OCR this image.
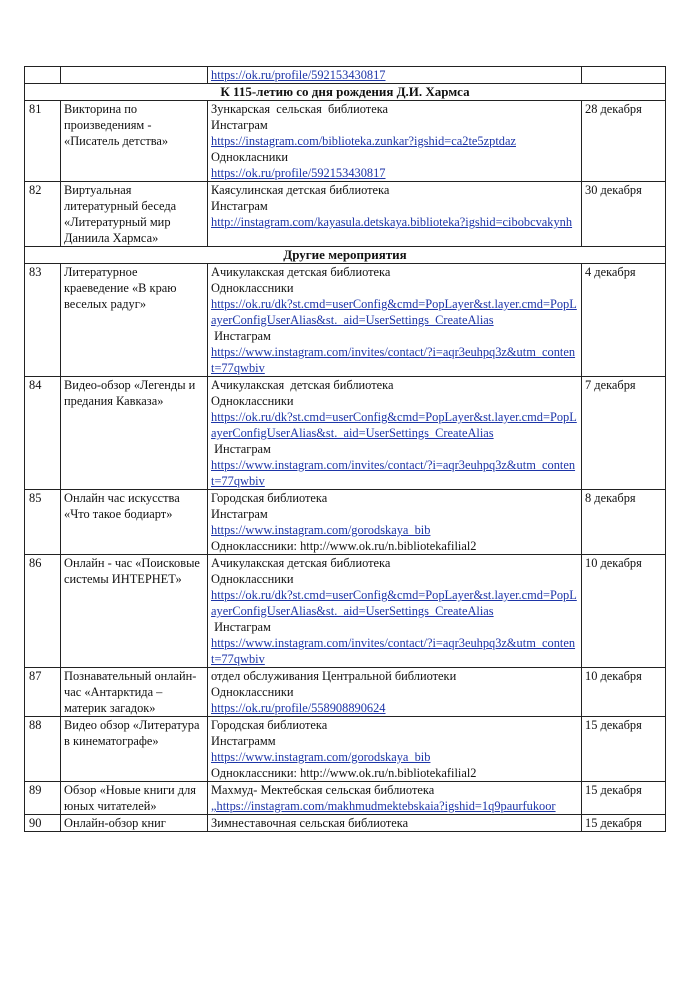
		https://ok.ru/profile/592153430817	

К 115-летию со дня рождения Д.И. Хармса			
81	Викторина по произведениям - «Писатель детства»	Зункарская  сельская  библиотека
Инстаграм
https://instagram.com/biblioteka.zunkar?igshid=ca2te5zptdaz
Однокласники
https://ok.ru/profile/592153430817	28 декабря
82	Виртуальная литературный беседа «Литературный мир Даниила Хармса»	Каясулинская детская библиотека
Инстаграм
http://instagram.com/kayasula.detskaya.biblioteka?igshid=cibobcvakynh	30 декабря
Другие мероприятия			
83	Литературное краеведение «В краю веселых радуг»	Ачикулакская детская библиотека
Одноклассники
https://ok.ru/dk?st.cmd=userConfig&cmd=PopLayer&st.layer.cmd=PopLayerConfigUserAlias&st._aid=UserSettings_CreateAlias
Инстаграм
https://www.instagram.com/invites/contact/?i=aqr3euhpq3z&utm_content=77qwbiv	4 декабря
84	Видео-обзор «Легенды и предания Кавказа»	Ачикулакская  детская библиотека
Одноклассники
https://ok.ru/dk?st.cmd=userConfig&cmd=PopLayer&st.layer.cmd=PopLayerConfigUserAlias&st._aid=UserSettings_CreateAlias
Инстаграм
https://www.instagram.com/invites/contact/?i=aqr3euhpq3z&utm_content=77qwbiv	7 декабря
85	Онлайн час искусства «Что такое бодиарт»	Городская библиотека
Инстаграм
https://www.instagram.com/gorodskaya_bib
Одноклассники: http://www.ok.ru/n.bibliotekafilial2	8 декабря
86	Онлайн - час «Поисковые системы ИНТЕРНЕТ»	Ачикулакская детская библиотека
Одноклассники
https://ok.ru/dk?st.cmd=userConfig&cmd=PopLayer&st.layer.cmd=PopLayerConfigUserAlias&st._aid=UserSettings_CreateAlias
Инстаграм
https://www.instagram.com/invites/contact/?i=aqr3euhpq3z&utm_content=77qwbiv	10 декабря
87	Познавательный онлайн-час «Антарктида – материк загадок»	отдел обслуживания Центральной библиотеки
Одноклассники
https://ok.ru/profile/558908890624	10 декабря
88	Видео обзор «Литература в кинематографе»	Городская библиотека
Инстаграмм
https://www.instagram.com/gorodskaya_bib
Одноклассники: http://www.ok.ru/n.bibliotekafilial2	15 декабря
89	Обзор «Новые книги для юных читателей»	Махмуд- Мектебская сельская библиотека
„https://instagram.com/makhmudmektebskaia?igshid=1q9paurfukoor	15 декабря
90	Онлайн-обзор книг	Зимнеставочная сельская библиотека	15 декабря
